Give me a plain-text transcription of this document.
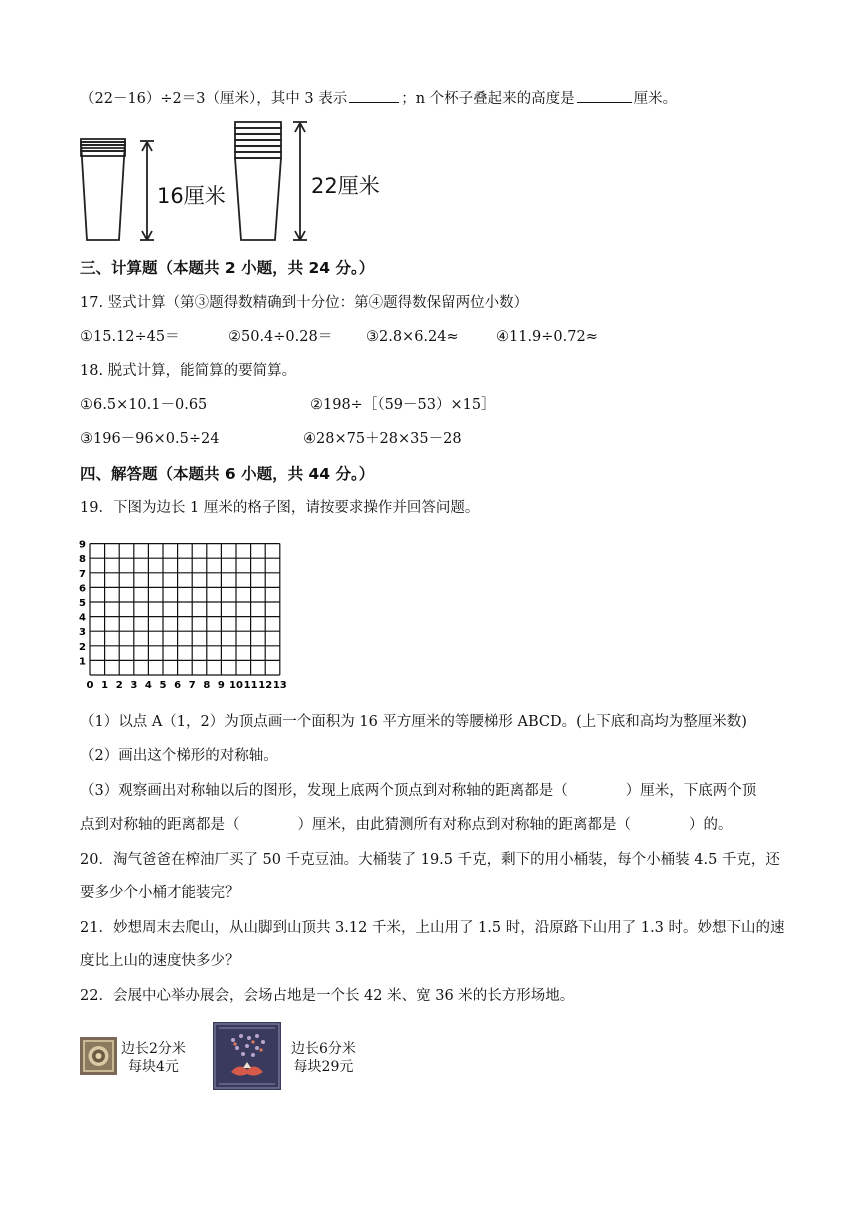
（22－16）÷2＝3（厘米），其中 3 表示	；n 个杯子叠起来的高度是	厘米。
16厘米	22厘米
三、计算题（本题共 2 小题，共 24 分。）
17. 竖式计算（第③题得数精确到十分位：第④题得数保留两位小数）
①15.12÷45＝	②50.4÷0.28＝ ③2.8×6.24≈	④11.9÷0.72≈
18. 脱式计算，能简算的要简算。
①6.5×10.1－0.65	②198÷［（59－53）×15］
③196－96×0.5÷24	④28×75＋28×35－28
四、解答题（本题共 6 小题，共 44 分。）
19．下图为边长 1 厘米的格子图，请按要求操作并回答问题。
0 1 2 3 4 5 6 7 8 9 10 11 12 13
1
2
3
4
5
6
7
8
9
（1）以点 A（1，2）为顶点画一个面积为 16 平方厘米的等腰梯形 ABCD。(上下底和高均为整厘米数)
（2）画出这个梯形的对称轴。
（3）观察画出对称轴以后的图形，发现上底两个顶点到对称轴的距离都是（　　　　）厘米，下底两个顶
点到对称轴的距离都是（　　　　）厘米，由此猜测所有对称点到对称轴的距离都是（　　　　）的。
20．淘气爸爸在榨油厂买了 50 千克豆油。大桶装了 19.5 千克，剩下的用小桶装，每个小桶装 4.5 千克，还
要多少个小桶才能装完？
21．妙想周末去爬山，从山脚到山顶共 3.12 千米，上山用了 1.5 时，沿原路下山用了 1.3 时。妙想下山的速
度比上山的速度快多少？
22．会展中心举办展会，会场占地是一个长 42 米、宽 36 米的长方形场地。
边长2分米
每块4元
边长6分米
每块29元
